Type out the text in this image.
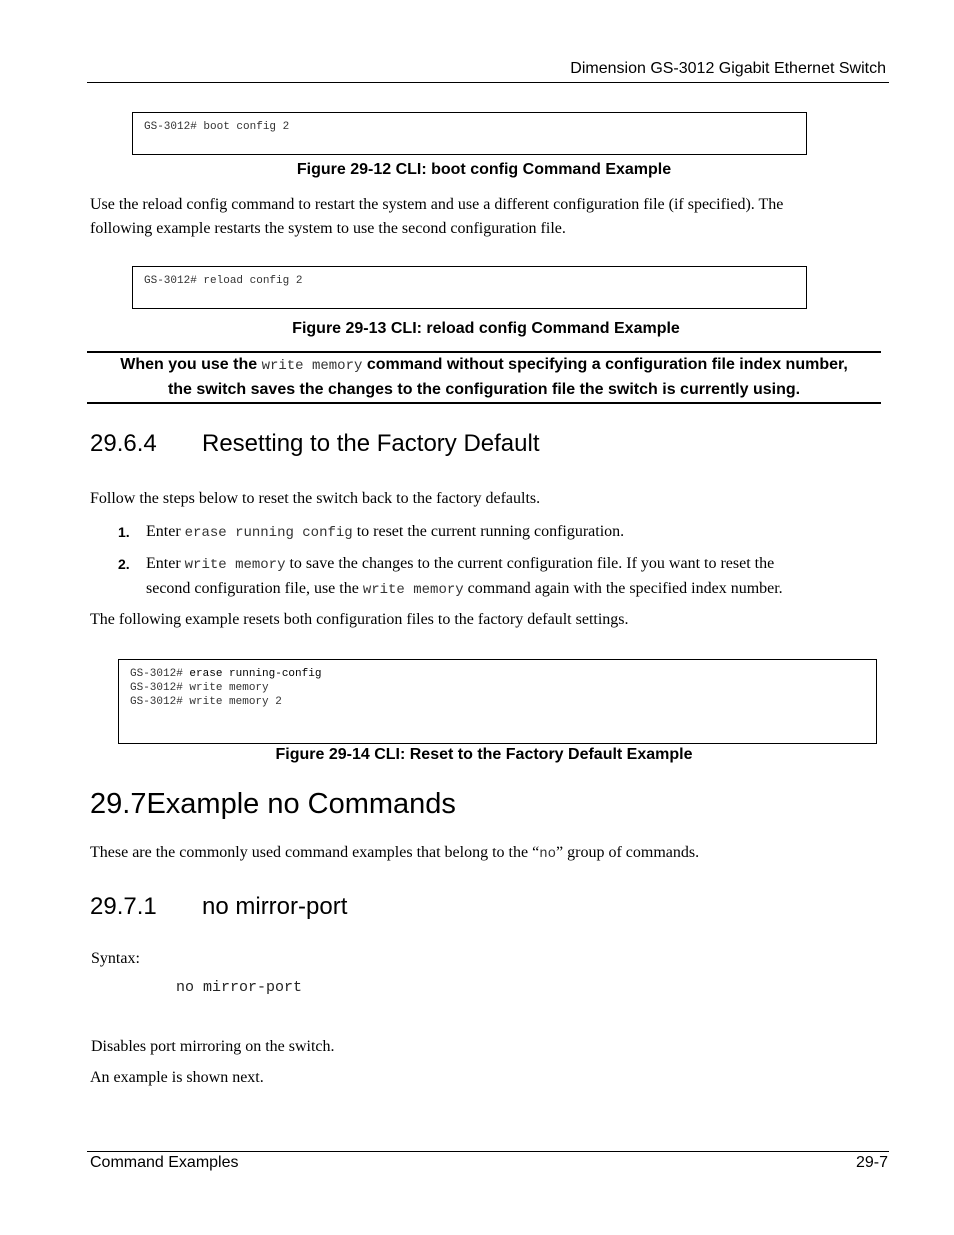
Dimension GS-3012 Gigabit Ethernet Switch
GS-3012# boot config 2
Figure 29-12 CLI: boot config Command Example
Use the reload config command to restart the system and use a different configuration file (if specified). The
following example restarts the system to use the second configuration file.
GS-3012# reload config 2
Figure 29-13 CLI: reload config Command Example
When you use the write memory command without specifying a configuration file index number,
the switch saves the changes to the configuration file the switch is currently using.
29.6.4 Resetting to the Factory Default
Follow the steps below to reset the switch back to the factory defaults.
1. Enter erase running config to reset the current running configuration.
2. Enter write memory to save the changes to the current configuration file. If you want to reset the
second configuration file, use the write memory command again with the specified index number.
The following example resets both configuration files to the factory default settings.
GS-3012# erase running-config
GS-3012# write memory
GS-3012# write memory 2
Figure 29-14 CLI: Reset to the Factory Default Example
29.7Example no Commands
These are the commonly used command examples that belong to the “no” group of commands.
29.7.1 no mirror-port
Syntax:
no mirror-port
Disables port mirroring on the switch.
An example is shown next.
Command Examples	29-7
